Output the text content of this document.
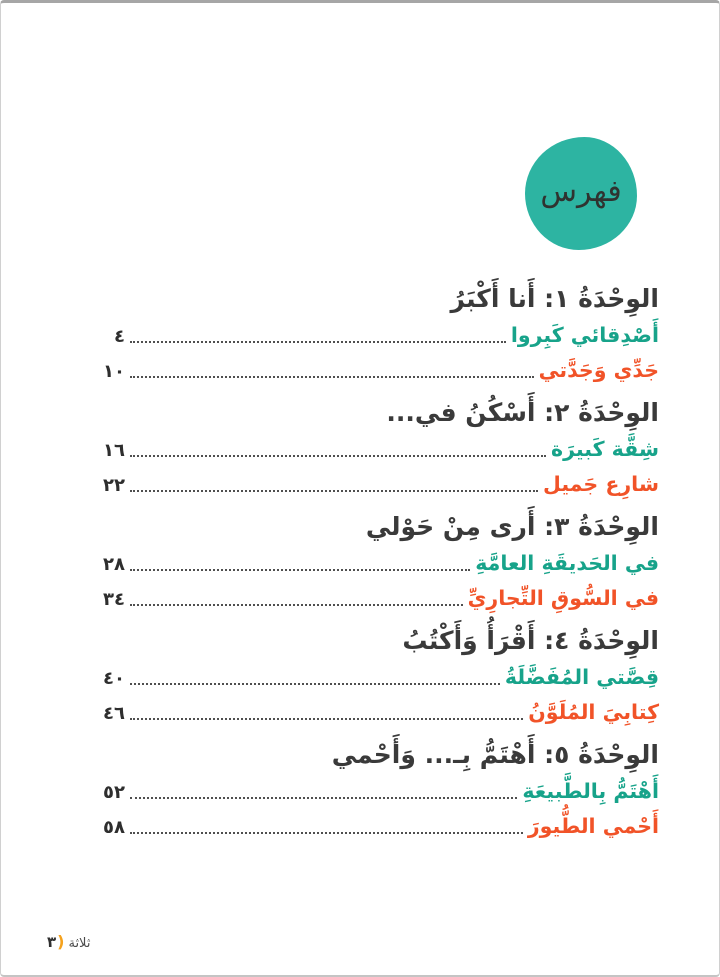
فهرس
الوِحْدَةُ ١: أَنا أَكْبَرُ
٤	أَصْدِقائي كَبِروا
١٠	جَدِّي وَجَدَّتي
الوِحْدَةُ ٢: أَسْكُنُ في...
١٦	شِقَّة كَبيرَة
٢٢	شارِع جَميل
الوِحْدَةُ ٣: أَرى مِنْ حَوْلي
٢٨	في الحَديقَةِ العامَّةِ
٣٤	في السُّوقِ التِّجارِيِّ
الوِحْدَةُ ٤: أَقْرَأُ وَأَكْتُبُ
٤٠	قِصَّتي المُفَضَّلَةُ
٤٦	كِتابِيَ المُلَوَّنُ
الوِحْدَةُ ٥: أَهْتَمُّ بِـ... وَأَحْمي
٥٢	أَهْتَمُّ بِالطَّبيعَةِ
٥٨	أَحْمي الطُّيورَ
٣ ) ثلاثة
